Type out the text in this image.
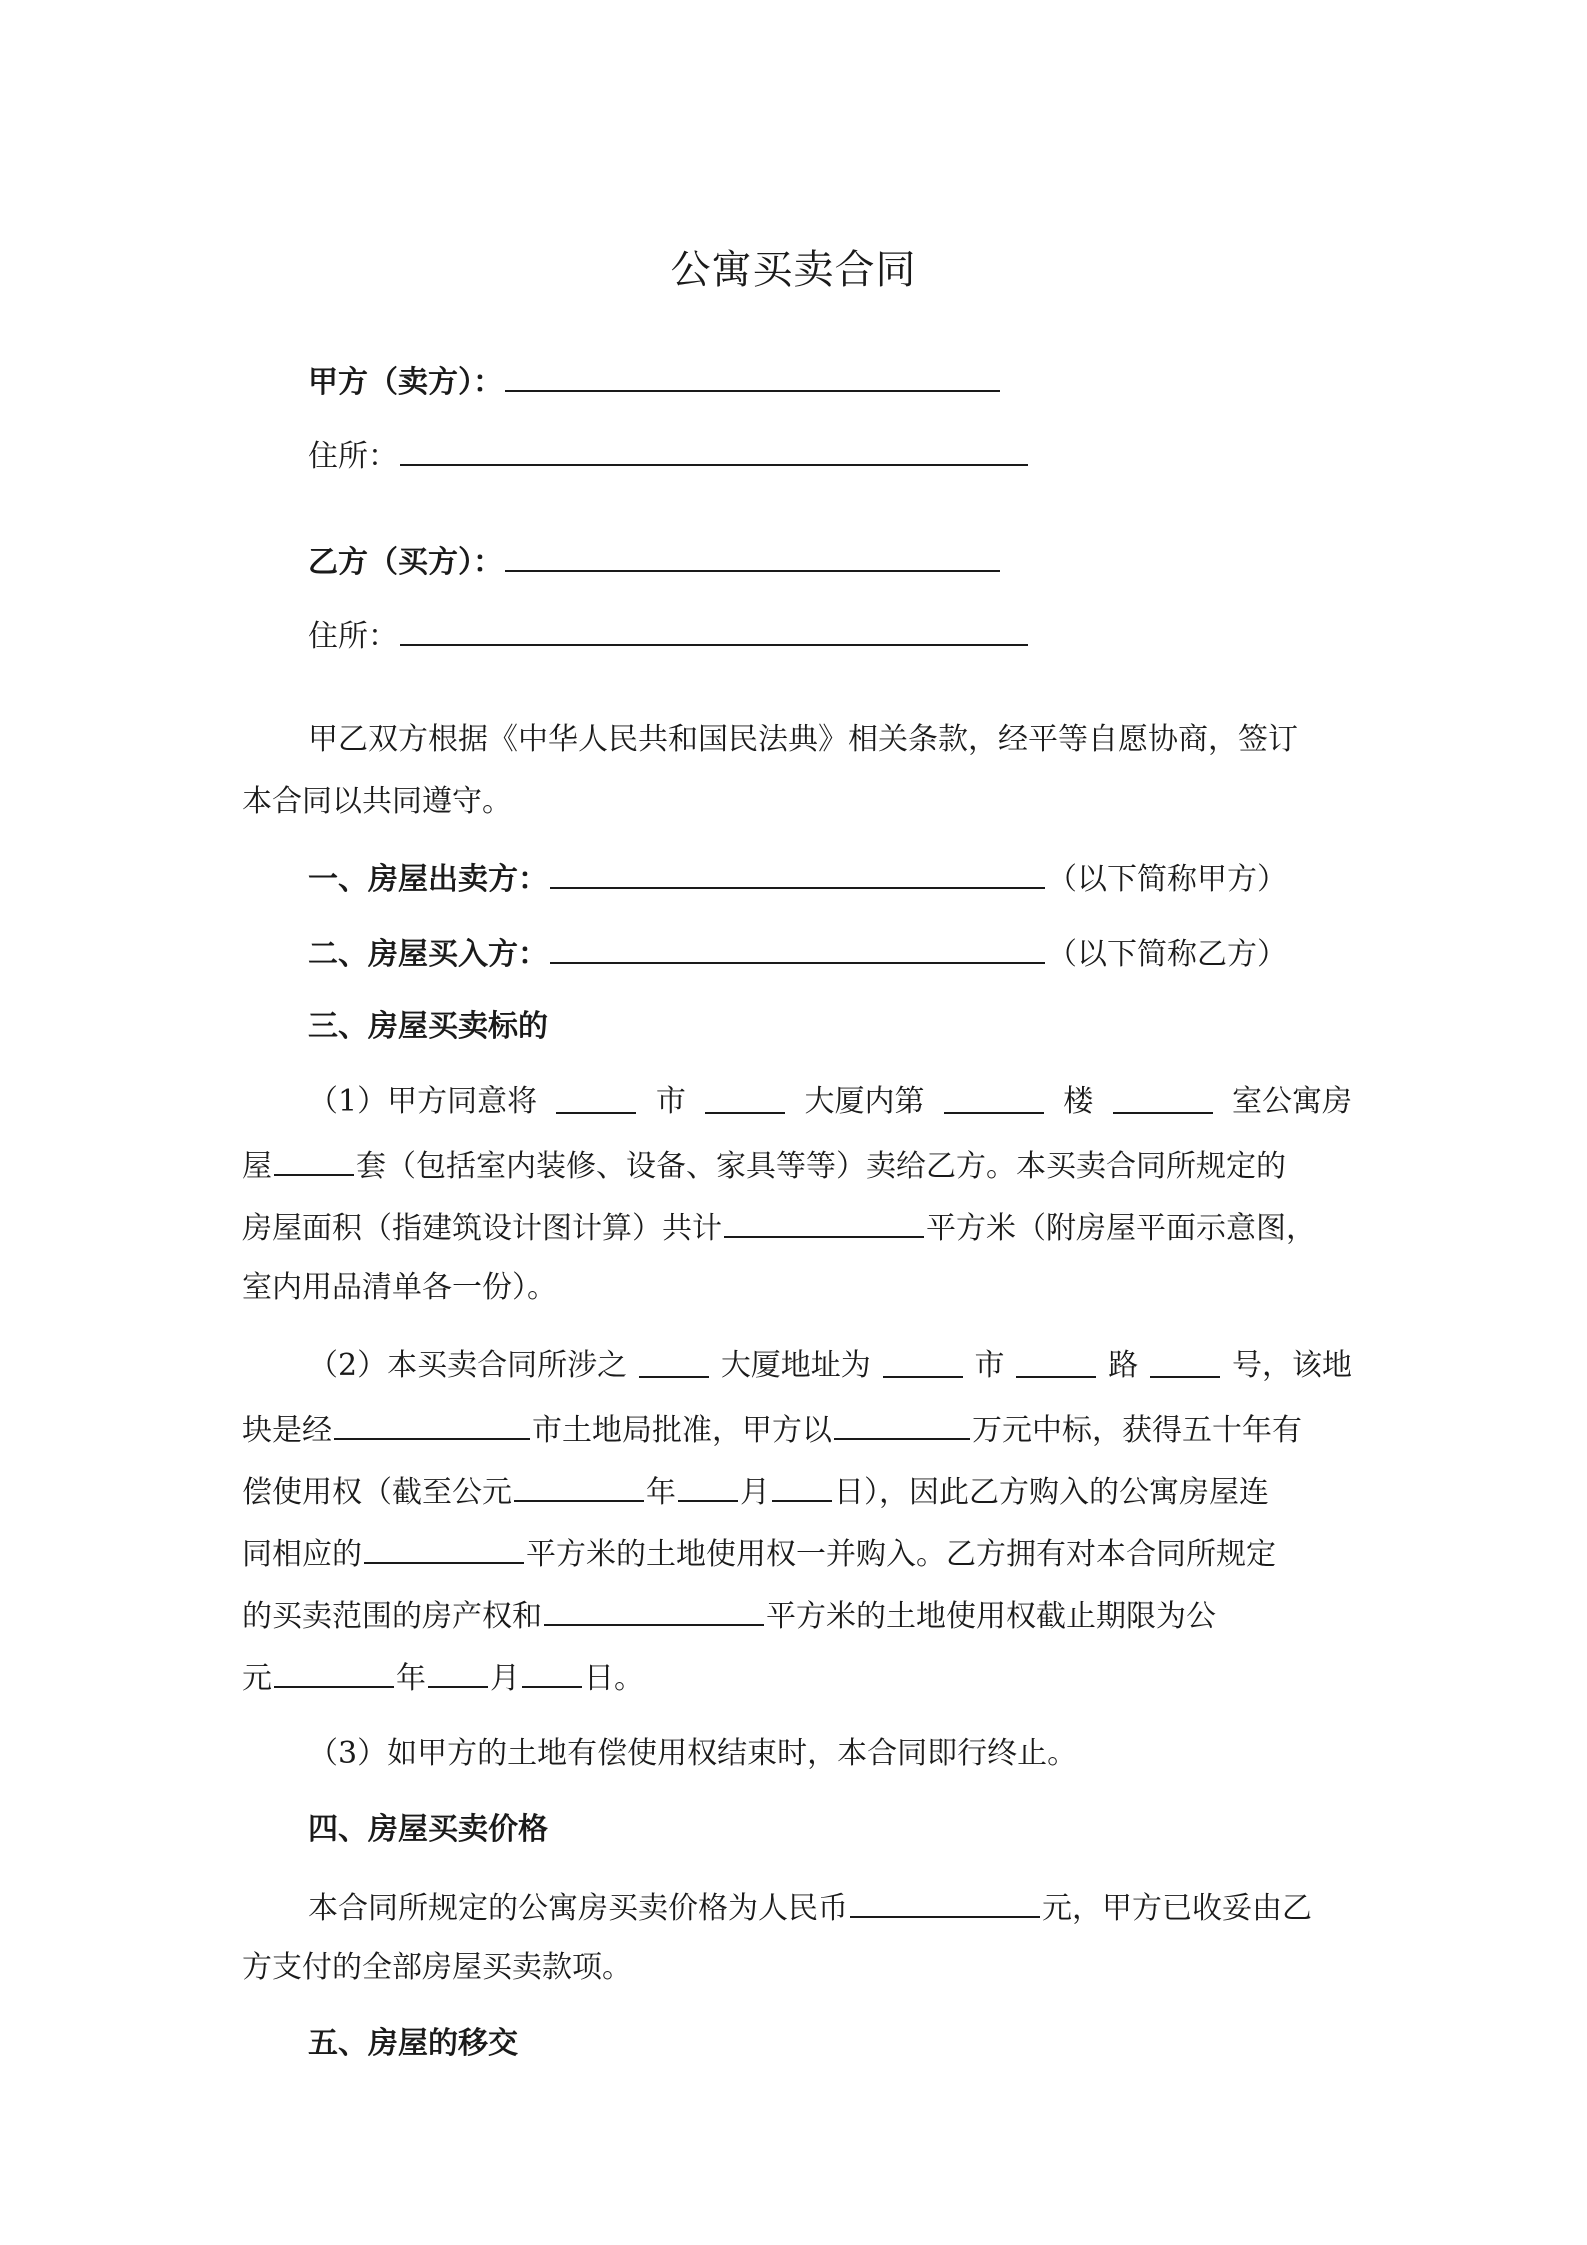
公寓买卖合同
甲方（卖方）：
住所：
乙方（买方）：
住所：
甲乙双方根据《中华人民共和国民法典》相关条款，经平等自愿协商，签订
本合同以共同遵守。
一、房屋出卖方：	（以下简称甲方）
二、房屋买入方：	（以下简称乙方）
三、房屋买卖标的
（1）甲方同意将	市	大厦内第	楼	室公寓房
屋	套（包括室内装修、设备、家具等等）卖给乙方。本买卖合同所规定的
房屋面积（指建筑设计图计算）共计	平方米（附房屋平面示意图，
室内用品清单各一份）。
（2）本买卖合同所涉之	大厦地址为	市	路	号，该地
块是经	市土地局批准，甲方以	万元中标，获得五十年有
偿使用权（截至公元	年 月 日），因此乙方购入的公寓房屋连
同相应的	平方米的土地使用权一并购入。乙方拥有对本合同所规定
的买卖范围的房产权和	平方米的土地使用权截止期限为公
元	年 月 日。
（3）如甲方的土地有偿使用权结束时，本合同即行终止。
四、房屋买卖价格
本合同所规定的公寓房买卖价格为人民币	元，甲方已收妥由乙
方支付的全部房屋买卖款项。
五、房屋的移交
